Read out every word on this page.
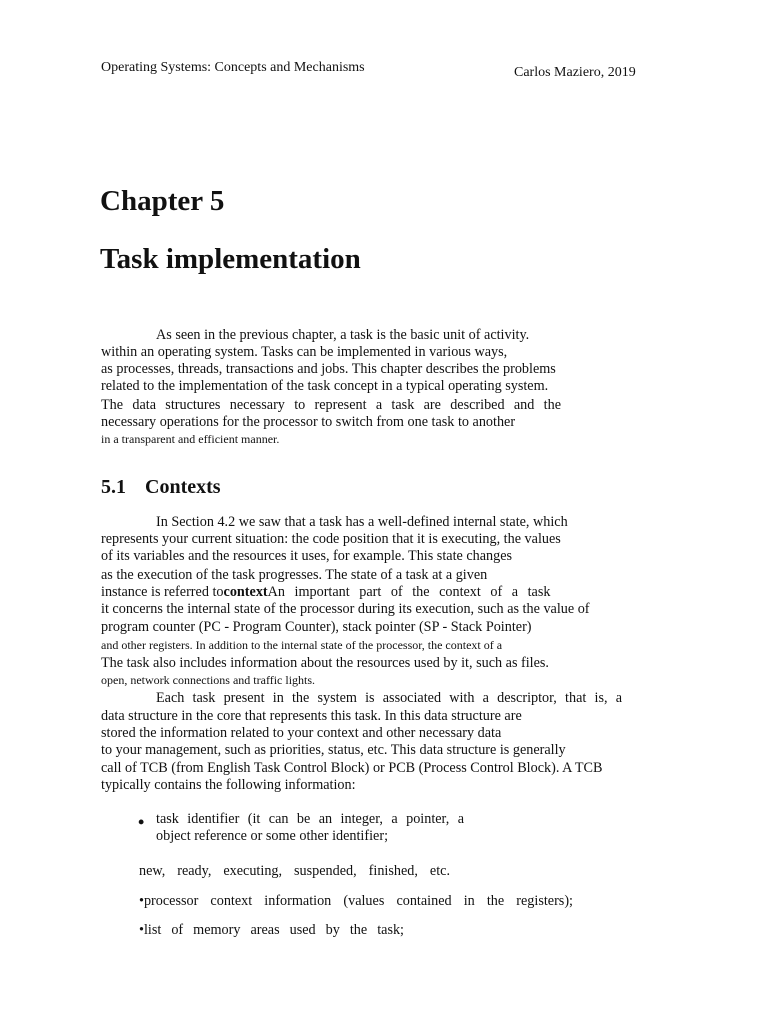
Operating Systems: Concepts and Mechanisms	Carlos Maziero, 2019
Chapter 5
Task implementation
As seen in the previous chapter, a task is the basic unit of activity.
within an operating system. Tasks can be implemented in various ways,
as processes, threads, transactions and jobs. This chapter describes the problems
related to the implementation of the task concept in a typical operating system.
The data structures necessary to represent a task are described and the
necessary operations for the processor to switch from one task to another
in a transparent and efficient manner.
5.1 Contexts
In Section 4.2 we saw that a task has a well-defined internal state, which
represents your current situation: the code position that it is executing, the values
of its variables and the resources it uses, for example. This state changes
as the execution of the task progresses. The state of a task at a given
instance is referred tocontextAn important part of the context of a task
it concerns the internal state of the processor during its execution, such as the value of
program counter (PC - Program Counter), stack pointer (SP - Stack Pointer)
and other registers. In addition to the internal state of the processor, the context of a
The task also includes information about the resources used by it, such as files.
open, network connections and traffic lights.
Each task present in the system is associated with a descriptor, that is, a
data structure in the core that represents this task. In this data structure are
stored the information related to your context and other necessary data
to your management, such as priorities, status, etc. This data structure is generally
call of TCB (from English Task Control Block) or PCB (Process Control Block). A TCB
typically contains the following information:
• task identifier (it can be an integer, a pointer, a
object reference or some other identifier;
new, ready, executing, suspended, finished, etc.
•processor context information (values contained in the registers);
•list of memory areas used by the task;
